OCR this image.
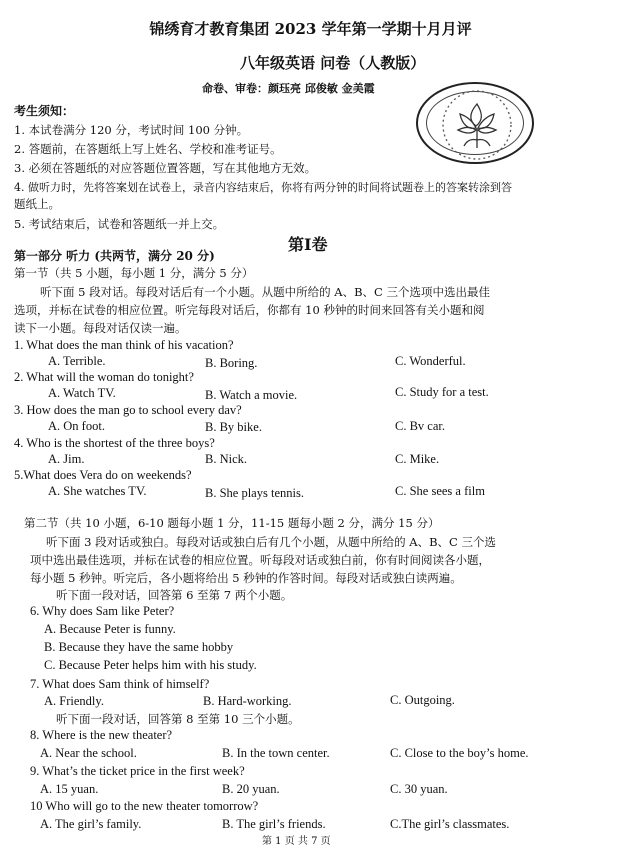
锦绣育才教育集团 2023 学年第一学期十月月评
八年级英语 问卷（人教版）
命卷、审卷：颜珏亮 邱俊敏 金美霞
考生须知：
1. 本试卷满分 120 分，考试时间 100 分钟。
2. 答题前，在答题纸上写上姓名、学校和准考证号。
3. 必须在答题纸的对应答题位置答题，写在其他地方无效。
4. 做听力时，先将答案划在试卷上，录音内容结束后，你将有两分钟的时间将试题卷上的答案转涂到答
题纸上。
5. 考试结束后，试卷和答题纸一并上交。
第Ⅰ卷
第一部分 听力 (共两节，满分 20 分)
第一节（共 5 小题，每小题 1 分，满分 5 分）
听下面 5 段对话。每段对话后有一个小题。从题中所给的 A、B、C 三个选项中选出最佳
选项，并标在试卷的相应位置。听完每段对话后，你都有 10 秒钟的时间来回答有关小题和阅
读下一小题。每段对话仅读一遍。
1. What does the man think of his vacation?
A. Terrible.	B. Boring.	C. Wonderful.
2. What will the woman do tonight?
A. Watch TV.	B. Watch a movie.	C. Study for a test.
3. How does the man go to school every dav?
A. On foot.	B. By bike.	C. Bv car.
4. Who is the shortest of the three boys?
A. Jim.	B. Nick.	C. Mike.
5.What does Vera do on weekends?
A. She watches TV.	B. She plays tennis.	C. She sees a film
第二节（共 10 小题，6-10 题每小题 1 分，11-15 题每小题 2 分，满分 15 分）
听下面 3 段对话或独白。每段对话或独白后有几个小题，从题中所给的 A、B、C 三个选
项中选出最佳选项，并标在试卷的相应位置。听每段对话或独白前，你有时间阅读各小题，
每小题 5 秒钟。听完后，各小题将给出 5 秒钟的作答时间。每段对话或独白读两遍。
听下面一段对话，回答第 6 至第 7 两个小题。
6. Why does Sam like Peter?
A. Because Peter is funny.
B. Because they have the same hobby
C. Because Peter helps him with his study.
7. What does Sam think of himself?
A. Friendly.	B. Hard-working.	C. Outgoing.
听下面一段对话，回答第 8 至第 10 三个小题。
8. Where is the new theater?
A. Near the school.	B. In the town center.	C. Close to the boy’s home.
9. What’s the ticket price in the first week?
A. 15 yuan.	B. 20 yuan.	C. 30 yuan.
10 Who will go to the new theater tomorrow?
A. The girl’s family.	B. The girl’s friends.	C.The girl’s classmates.
第 1 页 共 7 页
